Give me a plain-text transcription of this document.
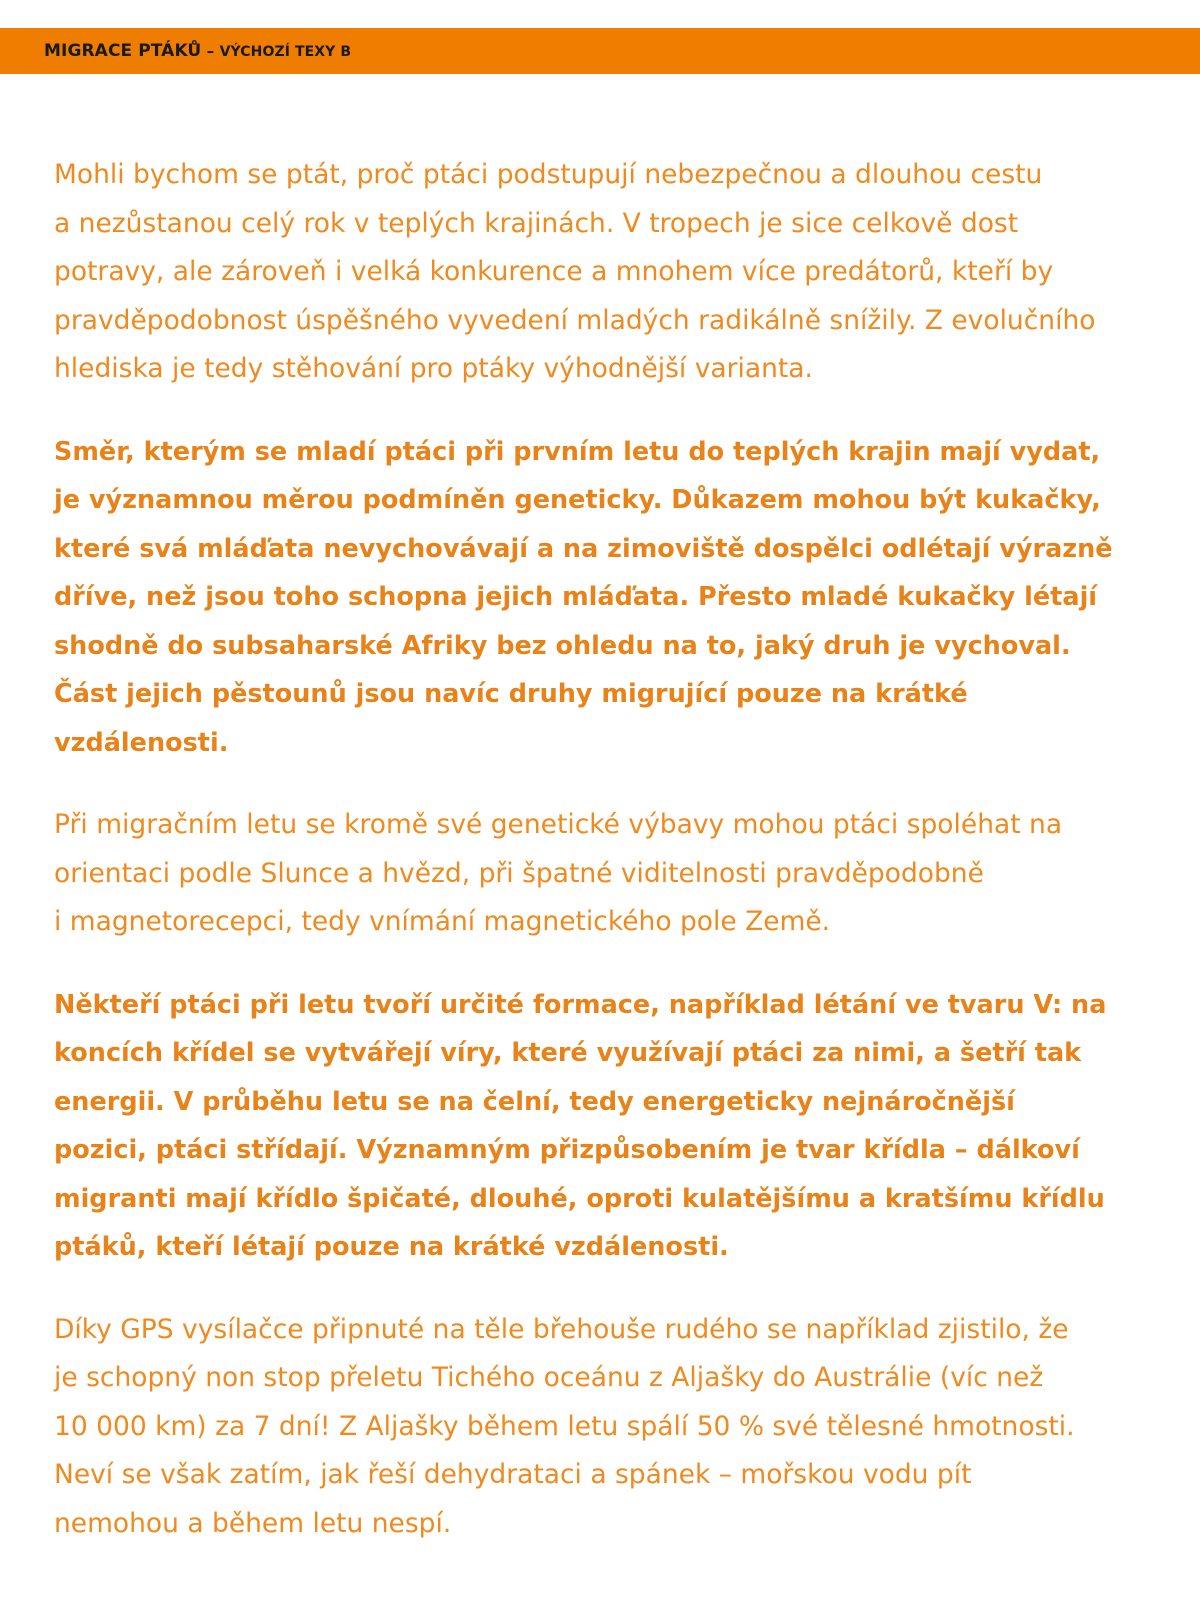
MIGRACE PTÁKŮ – VÝCHOZÍ TEXY B
Mohli bychom se ptát, proč ptáci podstupují nebezpečnou a dlouhou cestu
a nezůstanou celý rok v teplých krajinách. V tropech je sice celkově dost
potravy, ale zároveň i velká konkurence a mnohem více predátorů, kteří by
pravděpodobnost úspěšného vyvedení mladých radikálně snížily. Z evolučního
hlediska je tedy stěhování pro ptáky výhodnější varianta.
Směr, kterým se mladí ptáci při prvním letu do teplých krajin mají vydat,
je významnou měrou podmíněn geneticky. Důkazem mohou být kukačky,
které svá mláďata nevychovávají a na zimoviště dospělci odlétají výrazně
dříve, než jsou toho schopna jejich mláďata. Přesto mladé kukačky létají
shodně do subsaharské Afriky bez ohledu na to, jaký druh je vychoval.
Část jejich pěstounů jsou navíc druhy migrující pouze na krátké
vzdálenosti.
Při migračním letu se kromě své genetické výbavy mohou ptáci spoléhat na
orientaci podle Slunce a hvězd, při špatné viditelnosti pravděpodobně
i magnetorecepci, tedy vnímání magnetického pole Země.
Někteří ptáci při letu tvoří určité formace, například létání ve tvaru V: na
koncích křídel se vytvářejí víry, které využívají ptáci za nimi, a šetří tak
energii. V průběhu letu se na čelní, tedy energeticky nejnáročnější
pozici, ptáci střídají. Významným přizpůsobením je tvar křídla – dálkoví
migranti mají křídlo špičaté, dlouhé, oproti kulatějšímu a kratšímu křídlu
ptáků, kteří létají pouze na krátké vzdálenosti.
Díky GPS vysílačce připnuté na těle břehouše rudého se například zjistilo, že
je schopný non stop přeletu Tichého oceánu z Aljašky do Austrálie (víc než
10 000 km) za 7 dní! Z Aljašky během letu spálí 50 % své tělesné hmotnosti.
Neví se však zatím, jak řeší dehydrataci a spánek – mořskou vodu pít
nemohou a během letu nespí.
